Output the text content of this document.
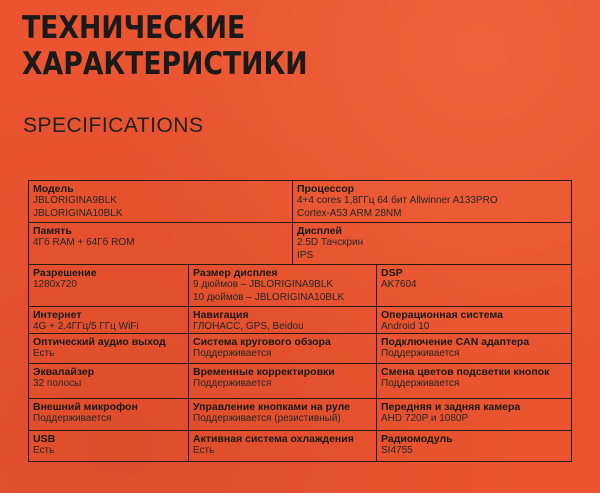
ТЕХНИЧЕСКИЕ
ХАРАКТЕРИСТИКИ
SPECIFICATIONS
Модель
JBLORIGINA9BLK
JBLORIGINA10BLK
Процессор
4+4 cores 1,8ГГц 64 бит Allwinner A133PRO
Cortex-A53 ARM 28NM
Память
4Гб RAM + 64Гб ROM
Дисплей
2.5D Тачскрин
IPS
Разрешение
1280x720
Размер дисплея
9 дюймов – JBLORIGINA9BLK
10 дюймов – JBLORIGINA10BLK
DSP
AK7604
Интернет
4G + 2.4ГГц/5 ГГц WiFi
Навигация
ГЛОНАСС, GPS, Beidou
Операционная система
Android 10
Оптический аудио выход
Есть
Система кругового обзора
Поддерживается
Подключение CAN адаптера
Поддерживается
Эквалайзер
32 полосы
Временные корректировки
Поддерживается
Смена цветов подсветки кнопок
Поддерживается
Внешний микрофон
Поддерживается
Управление кнопками на руле
Поддерживается (резистивный)
Передняя и задняя камера
AHD 720P и 1080P
USB
Есть
Активная система охлаждения
Есть
Радиомодуль
SI4755
